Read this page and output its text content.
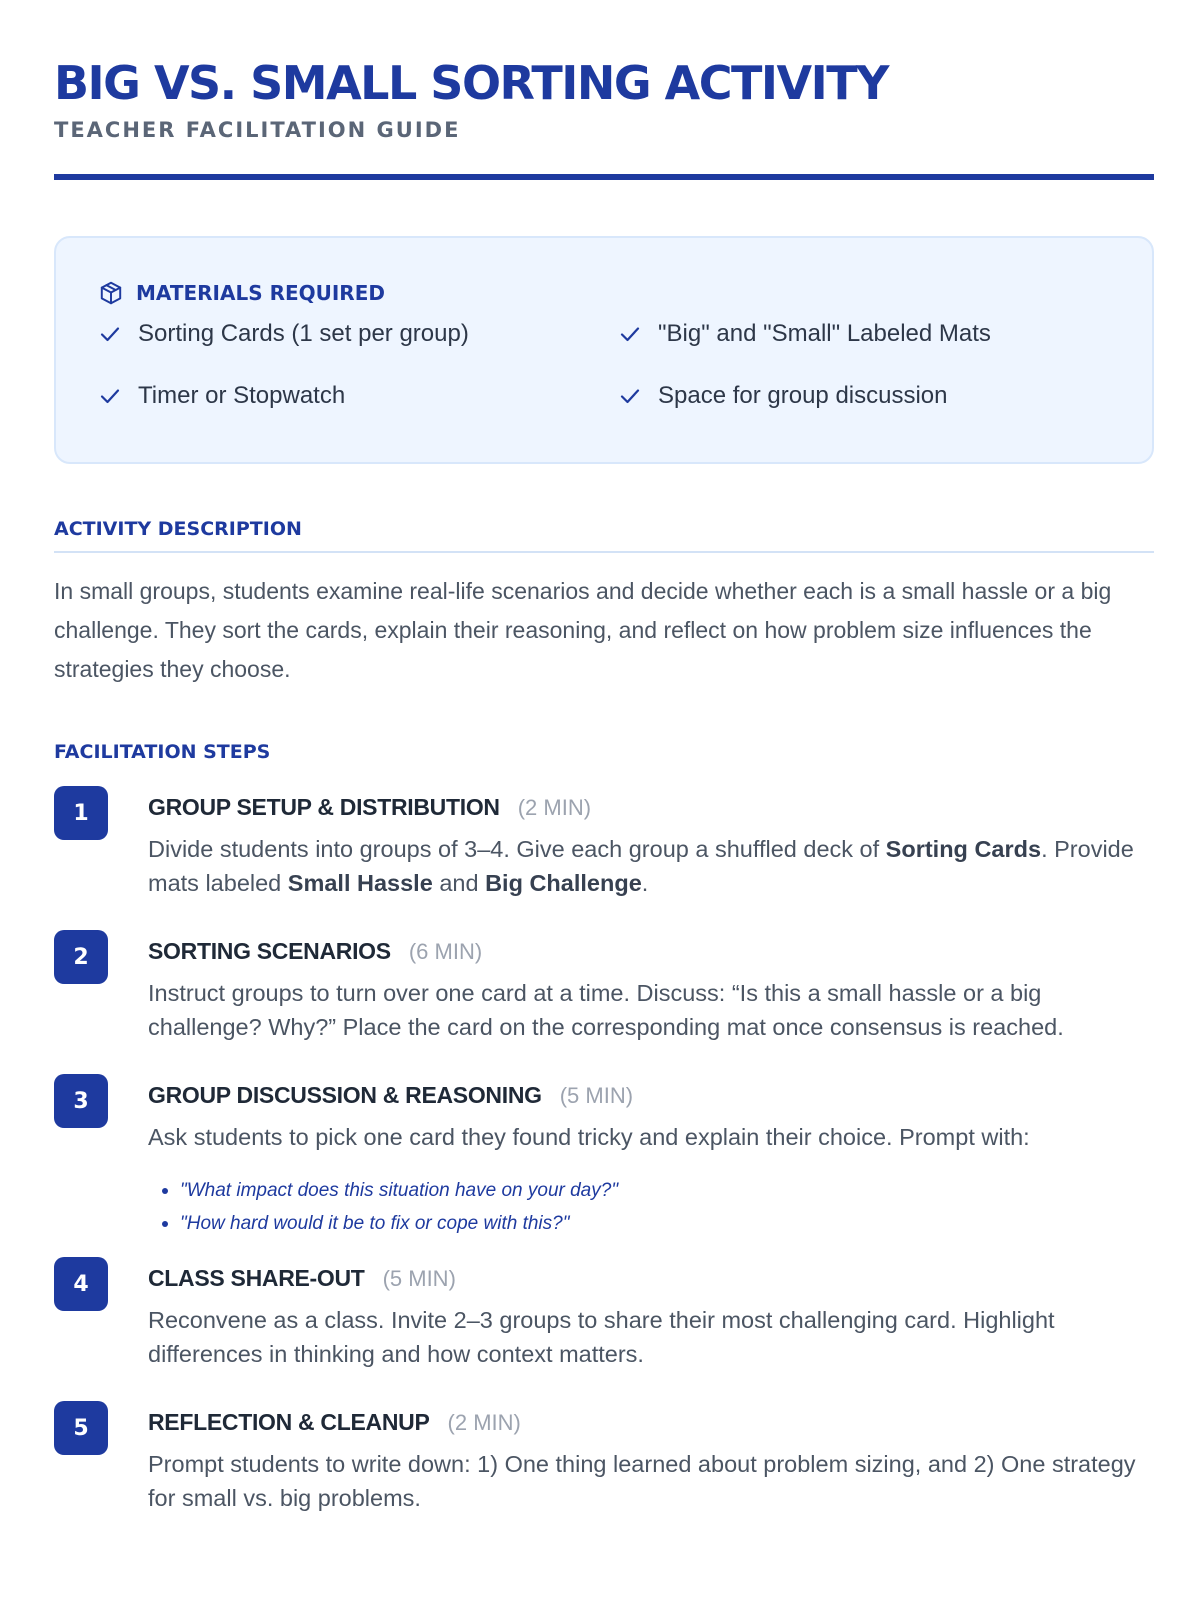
BIG VS. SMALL SORTING ACTIVITY
TEACHER FACILITATION GUIDE
MATERIALS REQUIRED
Sorting Cards (1 set per group)	"Big" and "Small" Labeled Mats
Timer or Stopwatch	Space for group discussion
ACTIVITY DESCRIPTION

In small groups, students examine real-life scenarios and decide whether each is a small hassle or a big challenge. They sort the cards, explain their reasoning, and reflect on how problem size influences the strategies they choose.

FACILITATION STEPS
1	GROUP SETUP & DISTRIBUTION (2 MIN)

Divide students into groups of 3–4. Give each group a shuffled deck of Sorting Cards. Provide mats labeled Small Hassle and Big Challenge.

2	SORTING SCENARIOS (6 MIN)

Instruct groups to turn over one card at a time. Discuss: “Is this a small hassle or a big challenge? Why?” Place the card on the corresponding mat once consensus is reached.

3	GROUP DISCUSSION & REASONING (5 MIN)

Ask students to pick one card they found tricky and explain their choice. Prompt with:

"What impact does this situation have on your day?"
"How hard would it be to fix or cope with this?"
4	CLASS SHARE-OUT (5 MIN)

Reconvene as a class. Invite 2–3 groups to share their most challenging card. Highlight differences in thinking and how context matters.

5	REFLECTION & CLEANUP (2 MIN)

Prompt students to write down: 1) One thing learned about problem sizing, and 2) One strategy for small vs. big problems.
